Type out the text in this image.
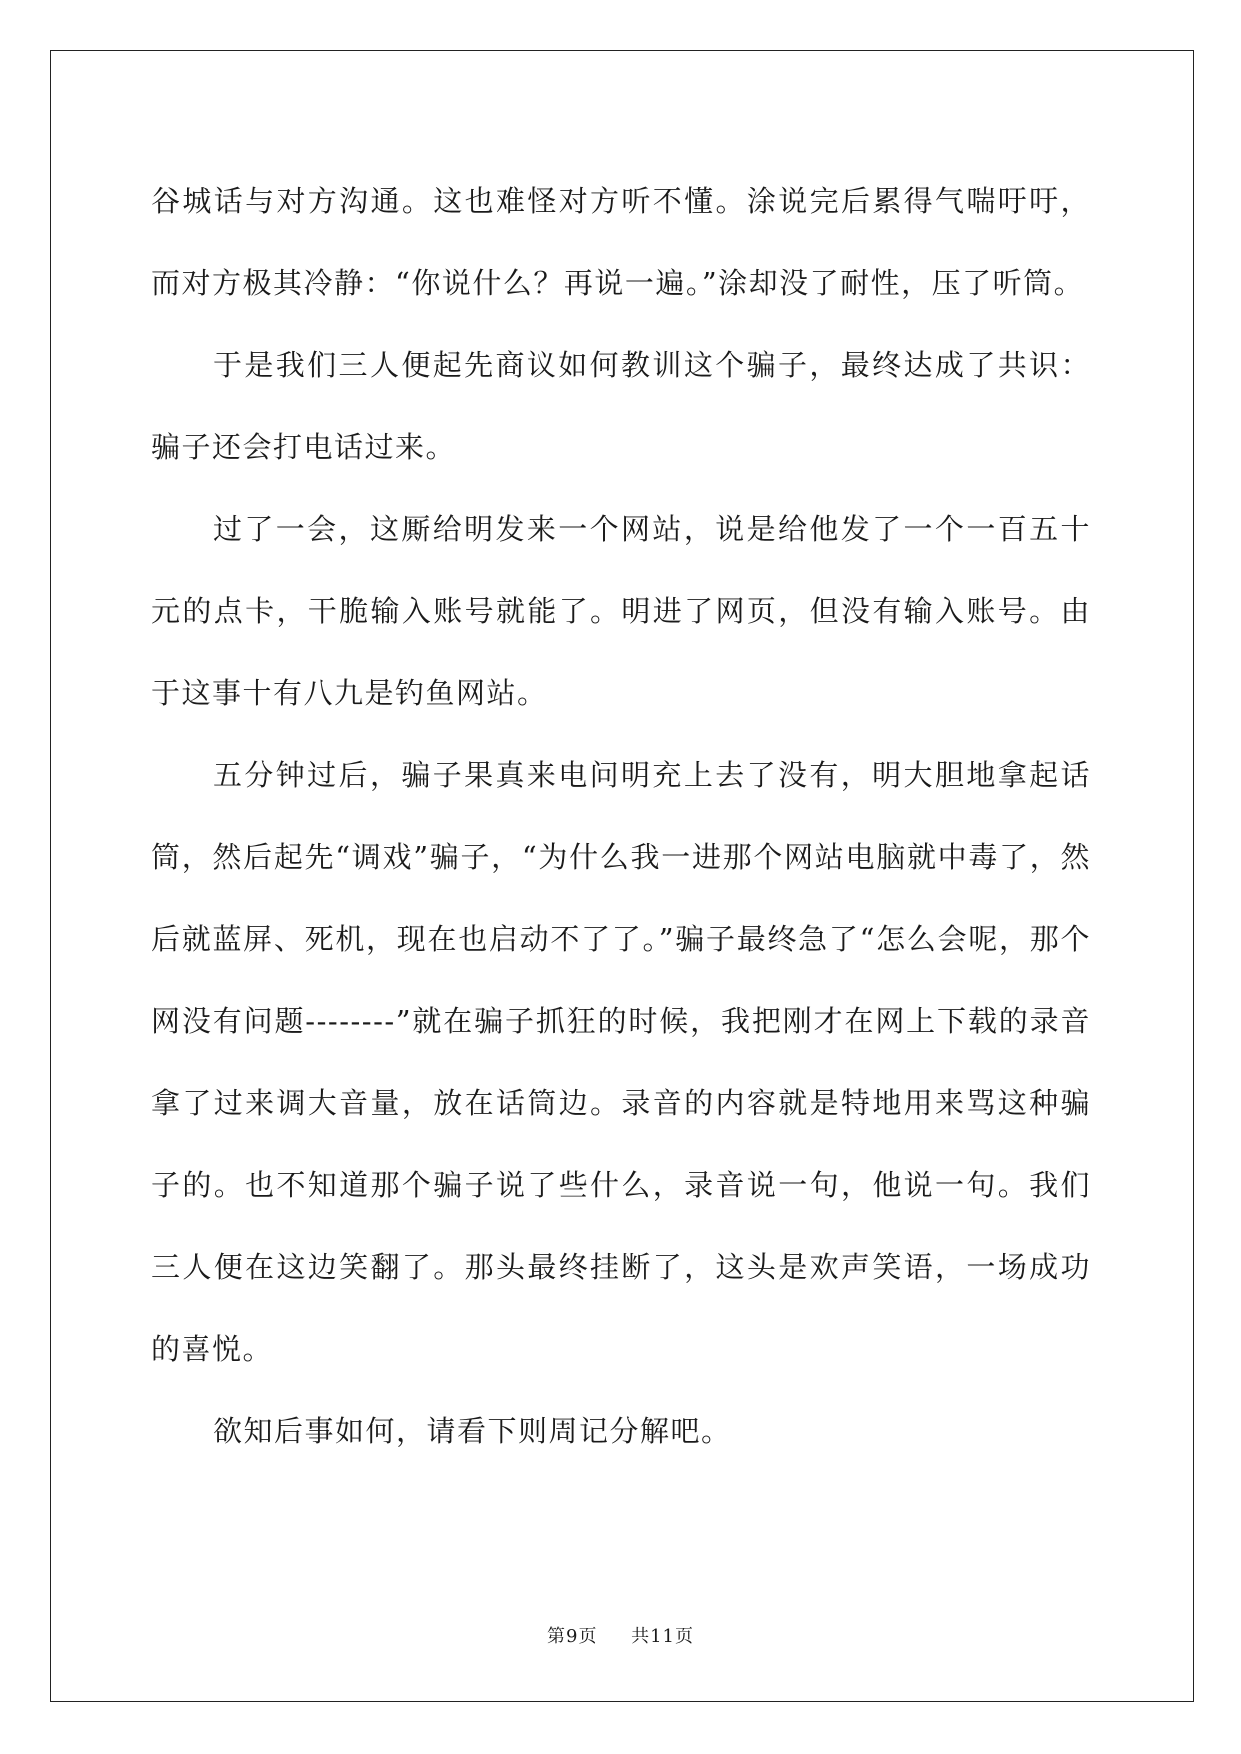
谷城话与对方沟通。这也难怪对方听不懂。涂说完后累得气喘吁吁，而对方极其冷静：“你说什么？再说一遍。”涂却没了耐性，压了听筒。

于是我们三人便起先商议如何教训这个骗子，最终达成了共识：骗子还会打电话过来。

过了一会，这厮给明发来一个网站，说是给他发了一个一百五十元的点卡，干脆输入账号就能了。明进了网页，但没有输入账号。由于这事十有八九是钓鱼网站。

五分钟过后，骗子果真来电问明充上去了没有，明大胆地拿起话筒，然后起先“调戏”骗子，“为什么我一进那个网站电脑就中毒了，然后就蓝屏、死机，现在也启动不了了。”骗子最终急了“怎么会呢，那个网没有问题--------”就在骗子抓狂的时候，我把刚才在网上下载的录音拿了过来调大音量，放在话筒边。录音的内容就是特地用来骂这种骗子的。也不知道那个骗子说了些什么，录音说一句，他说一句。我们三人便在这边笑翻了。那头最终挂断了，这头是欢声笑语，一场成功的喜悦。

欲知后事如何，请看下则周记分解吧。

第9页 共11页
